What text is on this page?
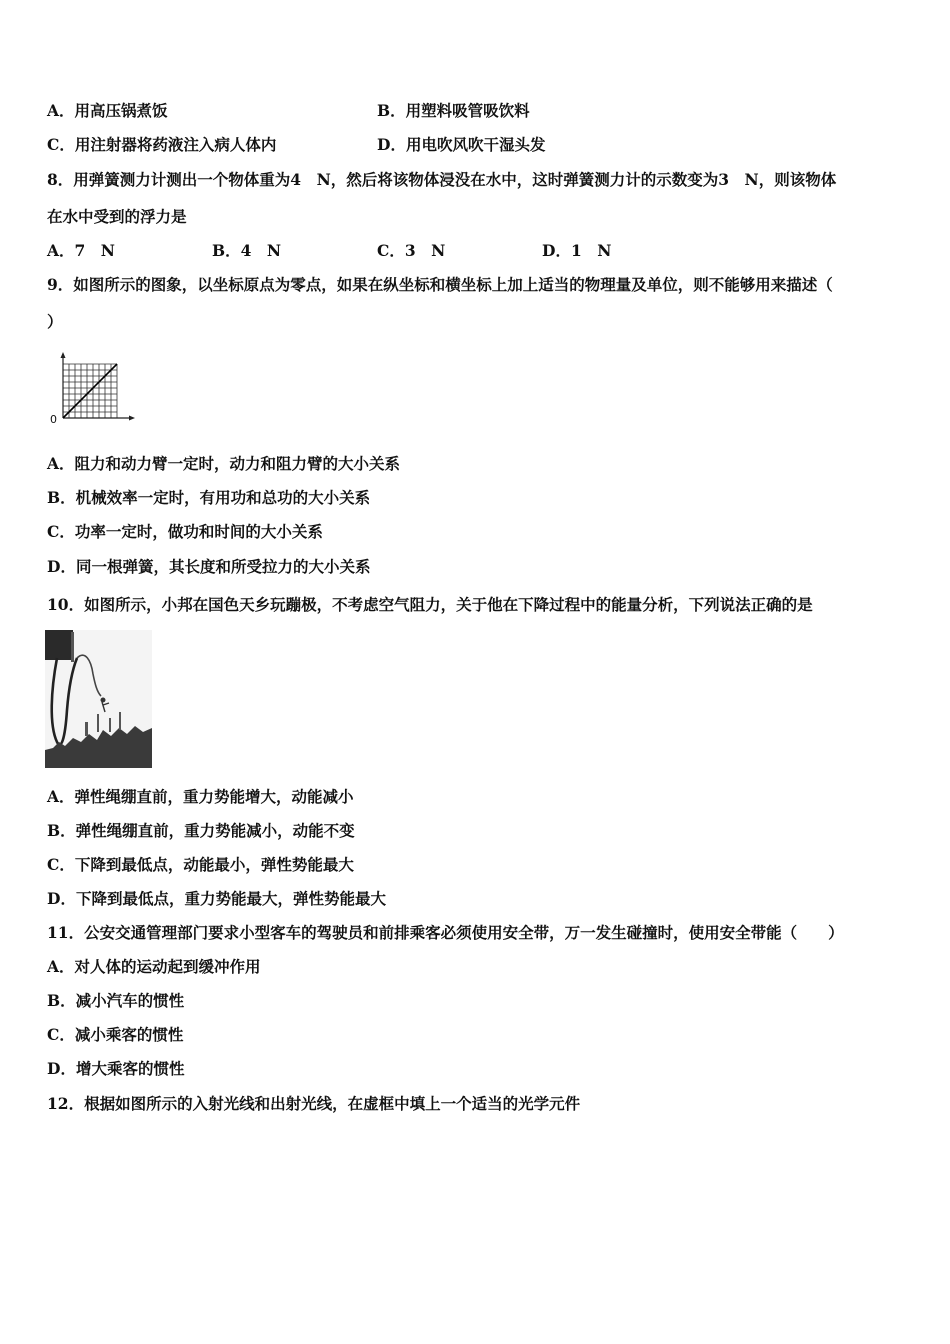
A．用高压锅煮饭	B．用塑料吸管吸饮料
C．用注射器将药液注入病人体内	D．用电吹风吹干湿头发
8．用弹簧测力计测出一个物体重为4　N，然后将该物体浸没在水中，这时弹簧测力计的示数变为3　N，则该物体
在水中受到的浮力是
A．7　N	B．4　N	C．3　N	D．1　N
9．如图所示的图象，以坐标原点为零点，如果在纵坐标和横坐标上加上适当的物理量及单位，则不能够用来描述（
）
0
A．阻力和动力臂一定时，动力和阻力臂的大小关系
B．机械效率一定时，有用功和总功的大小关系
C．功率一定时，做功和时间的大小关系
D．同一根弹簧，其长度和所受拉力的大小关系
10．如图所示，小邦在国色天乡玩蹦极，不考虑空气阻力，关于他在下降过程中的能量分析，下列说法正确的是
A．弹性绳绷直前，重力势能增大，动能减小
B．弹性绳绷直前，重力势能减小，动能不变
C．下降到最低点，动能最小，弹性势能最大
D．下降到最低点，重力势能最大，弹性势能最大
11．公安交通管理部门要求小型客车的驾驶员和前排乘客必须使用安全带，万一发生碰撞时，使用安全带能（　　）
A．对人体的运动起到缓冲作用
B．减小汽车的惯性
C．减小乘客的惯性
D．增大乘客的惯性
12．根据如图所示的入射光线和出射光线，在虚框中填上一个适当的光学元件
